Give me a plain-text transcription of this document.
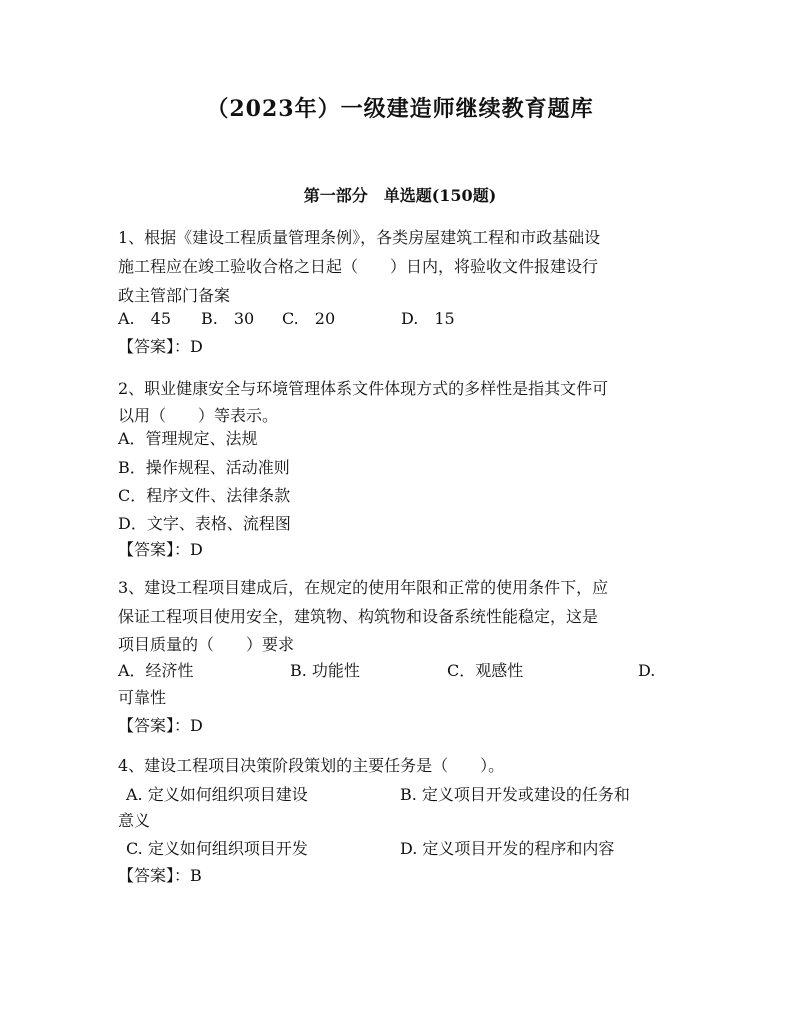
（2023年）一级建造师继续教育题库
第一部分　单选题(150题)
1、根据《建设工程质量管理条例》，各类房屋建筑工程和市政基础设
施工程应在竣工验收合格之日起（　　）日内，将验收文件报建设行
政主管部门备案
A.　45 B.　30 C.　20	D.　15
【答案】：D
2、职业健康安全与环境管理体系文件体现方式的多样性是指其文件可
以用（　　）等表示。
A．管理规定、法规
B．操作规程、活动准则
C．程序文件、法律条款
D．文字、表格、流程图
【答案】：D
3、建设工程项目建成后，在规定的使用年限和正常的使用条件下，应
保证工程项目使用安全，建筑物、构筑物和设备系统性能稳定，这是
项目质量的（　　）要求
A．经济性	B. 功能性	C．观感性	D.
可靠性
【答案】：D
4、建设工程项目决策阶段策划的主要任务是（　　）。
A. 定义如何组织项目建设	B. 定义项目开发或建设的任务和
意义
C. 定义如何组织项目开发	D. 定义项目开发的程序和内容
【答案】：B
